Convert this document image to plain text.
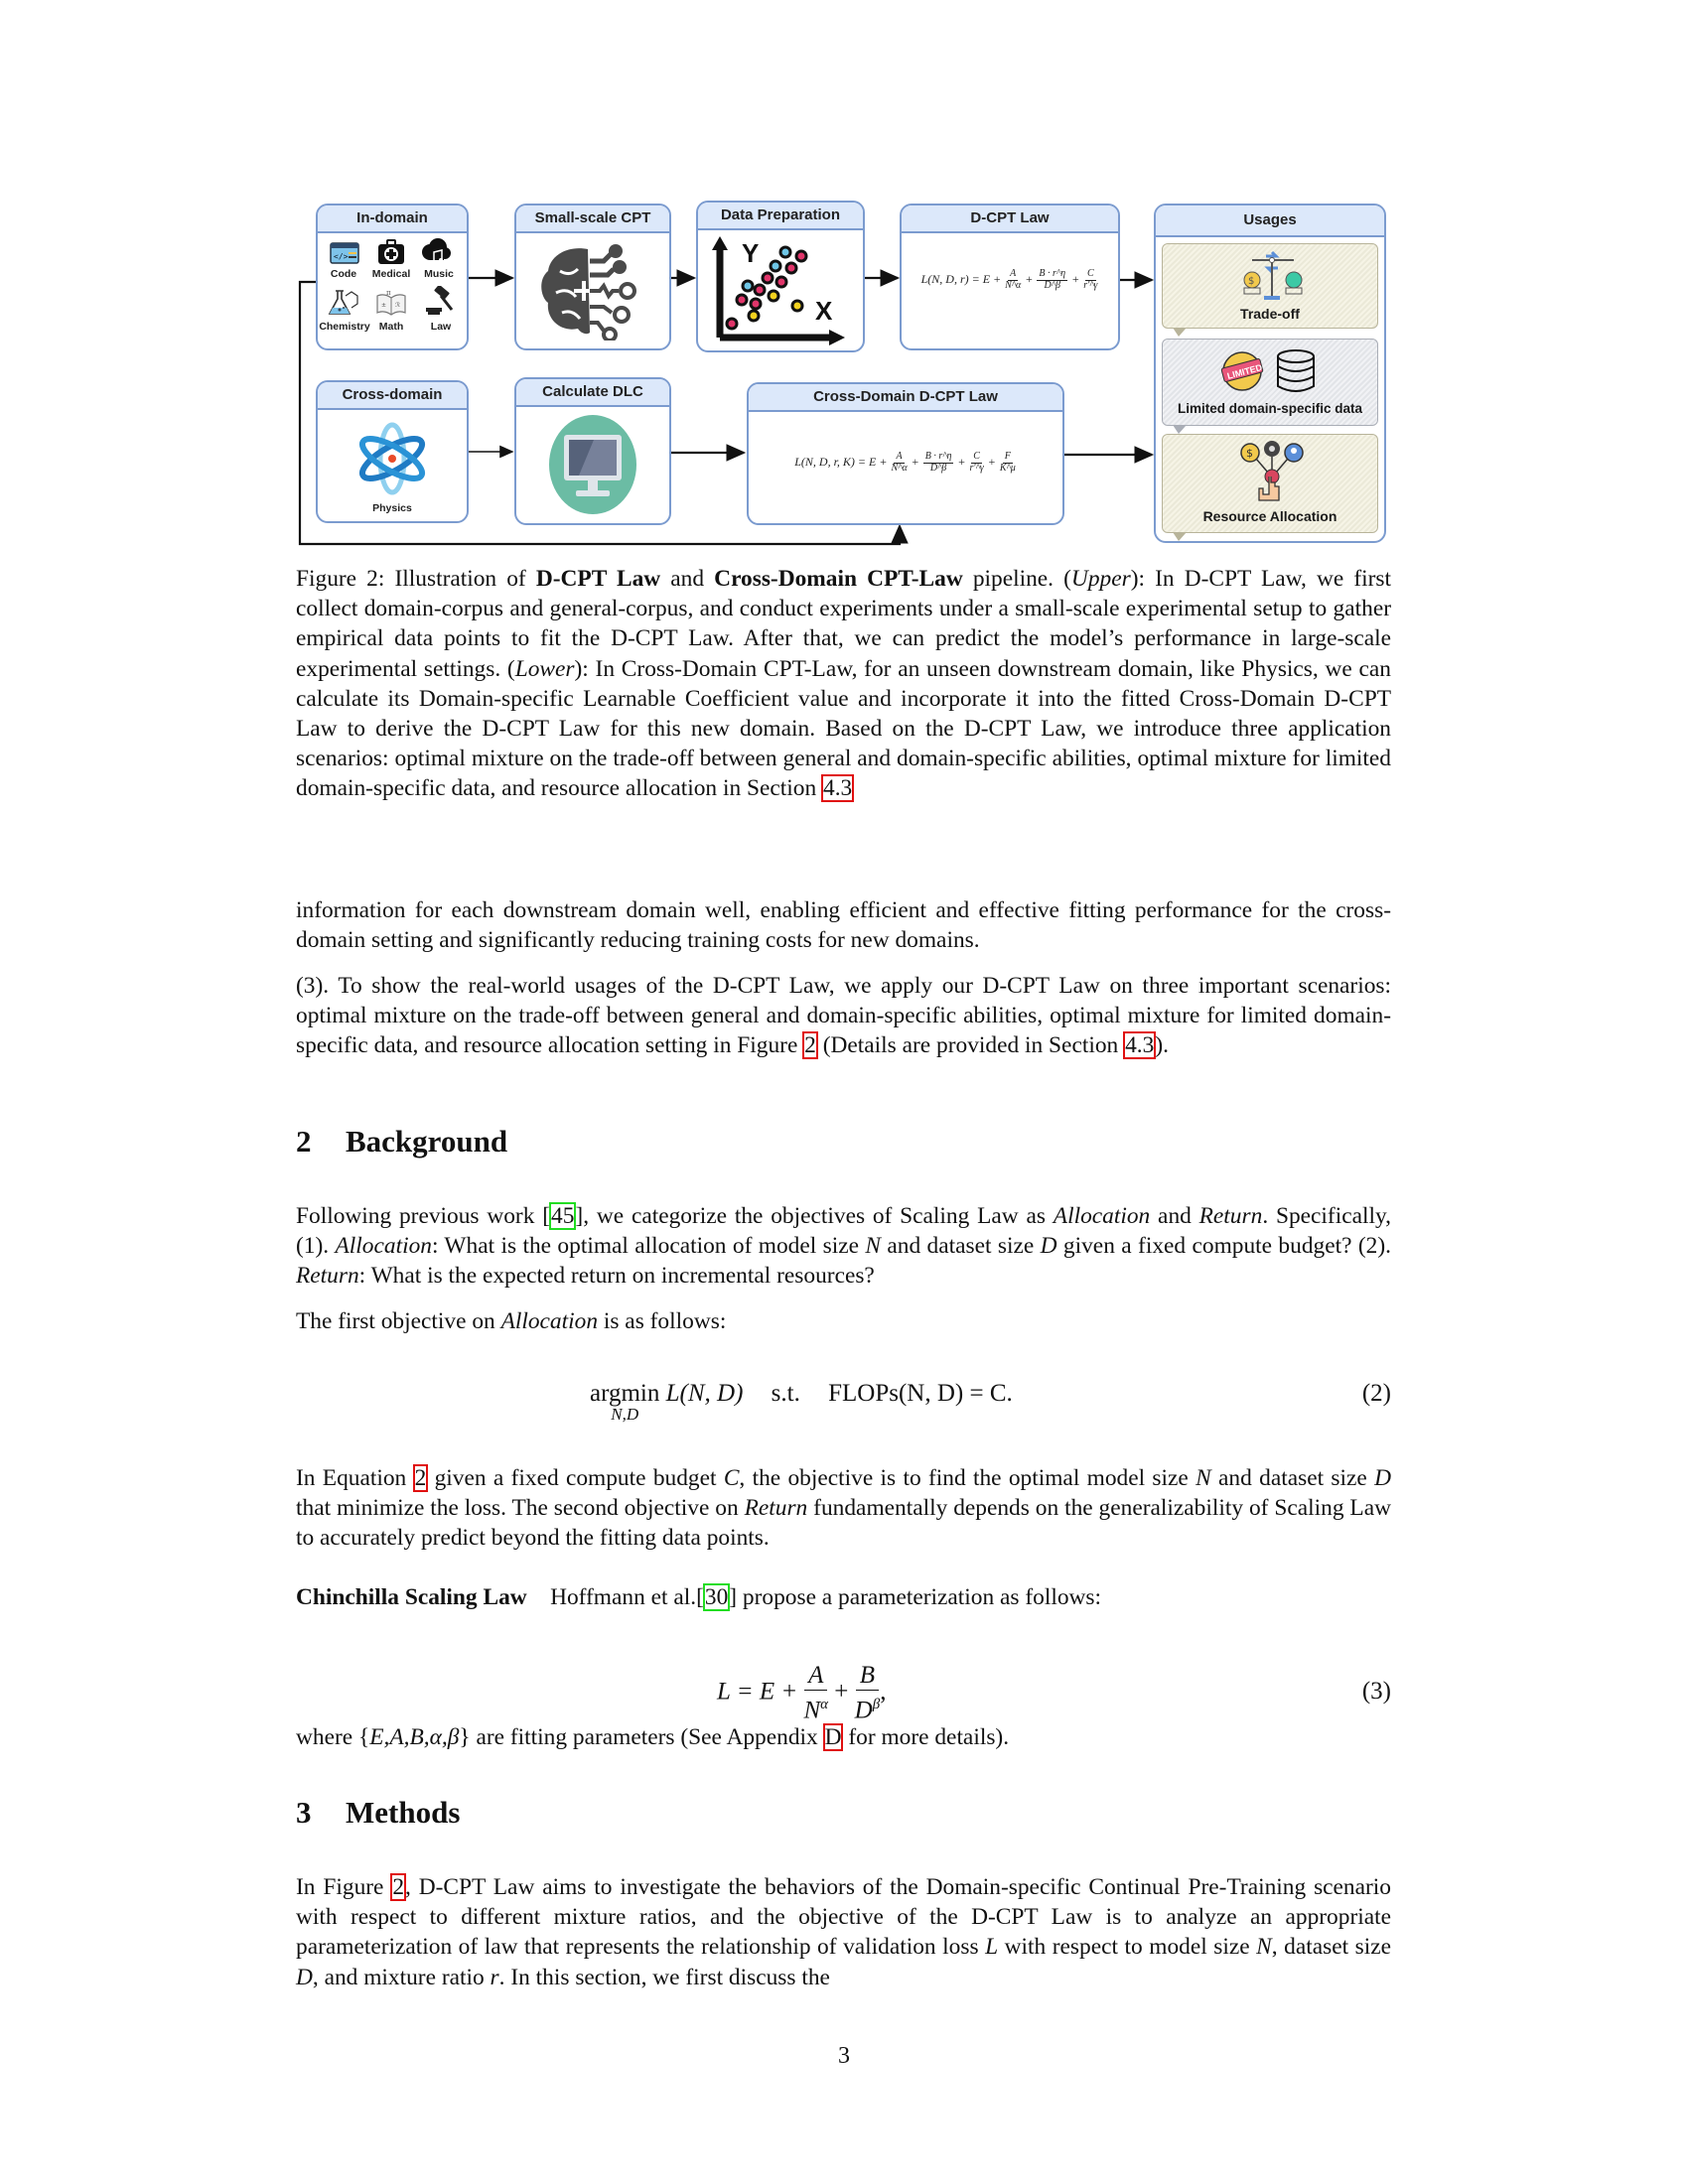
In-domain
</>
Code	Medical	Music
π
± ℛ
Chemistry Math	Law
Small-scale CPT	Data Preparation
Y
X
D-CPT Law
L(N, D, $r) = E + \frac{A}{N\^{}\alpha} + \frac{B \cdot r\^{}\eta}{D\^{}\beta} + \frac{C}{r'\^{}\gamma}$
Usages
$
Trade-off
LIMITED
Limited domain-specific data
$
Resource Allocation
Cross-domain
Physics
Calculate DLC	Cross-Domain D-CPT Law
L(N, D, r, $K) = E + \frac{A}{N\^{}\alpha} + \frac{B \cdot r\^{}\eta}{D\^{}\beta} + \frac{C}{r'\^{}\gamma} + \frac{F}{K\^{}\mu}$

Figure 2: Illustration of D-CPT Law and Cross-Domain CPT-Law pipeline. (Upper): In D-CPT Law, we first collect domain-corpus and general-corpus, and conduct experiments under a small-scale experimental setup to gather empirical data points to fit the D-CPT Law. After that, we can predict the model’s performance in large-scale experimental settings. (Lower): In Cross-Domain CPT-Law, for an unseen downstream domain, like Physics, we can calculate its Domain-specific Learnable Coefficient value and incorporate it into the fitted Cross-Domain D-CPT Law to derive the D-CPT Law for this new domain. Based on the D-CPT Law, we introduce three application scenarios: optimal mixture on the trade-off between general and domain-specific abilities, optimal mixture for limited domain-specific data, and resource allocation in Section 4.3

information for each downstream domain well, enabling efficient and effective fitting performance for the cross-domain setting and significantly reducing training costs for new domains.

(3). To show the real-world usages of the D-CPT Law, we apply our D-CPT Law on three important scenarios: optimal mixture on the trade-off between general and domain-specific abilities, optimal mixture for limited domain-specific data, and resource allocation setting in Figure 2 (Details are provided in Section 4.3).

2 Background

Following previous work [45], we categorize the objectives of Scaling Law as Allocation and Return. Specifically, (1). Allocation: What is the optimal allocation of model size N and dataset size D given a fixed compute budget? (2). Return: What is the expected return on incremental resources?

The first objective on Allocation is as follows:

argmin

N,D
L(N, D) s.t. FLOPs(N, D) = C.	(2)

In Equation 2 given a fixed compute budget C, the objective is to find the optimal model size N and dataset size D that minimize the loss. The second objective on Return fundamentally depends on the generalizability of Scaling Law to accurately predict beyond the fitting data points.

Chinchilla Scaling Law Hoffmann et al.[30] propose a parameterization as follows:

$L = E + \frac{A}{N^\alpha} + \frac{B}{D^\beta}$ ,	(3)

where {E,A,B,α,β} are fitting parameters (See Appendix D for more details).

3 Methods

In Figure 2, D-CPT Law aims to investigate the behaviors of the Domain-specific Continual Pre-Training scenario with respect to different mixture ratios, and the objective of the D-CPT Law is to analyze an appropriate parameterization of law that represents the relationship of validation loss L with respect to model size N, dataset size D, and mixture ratio r. In this section, we first discuss the

3
